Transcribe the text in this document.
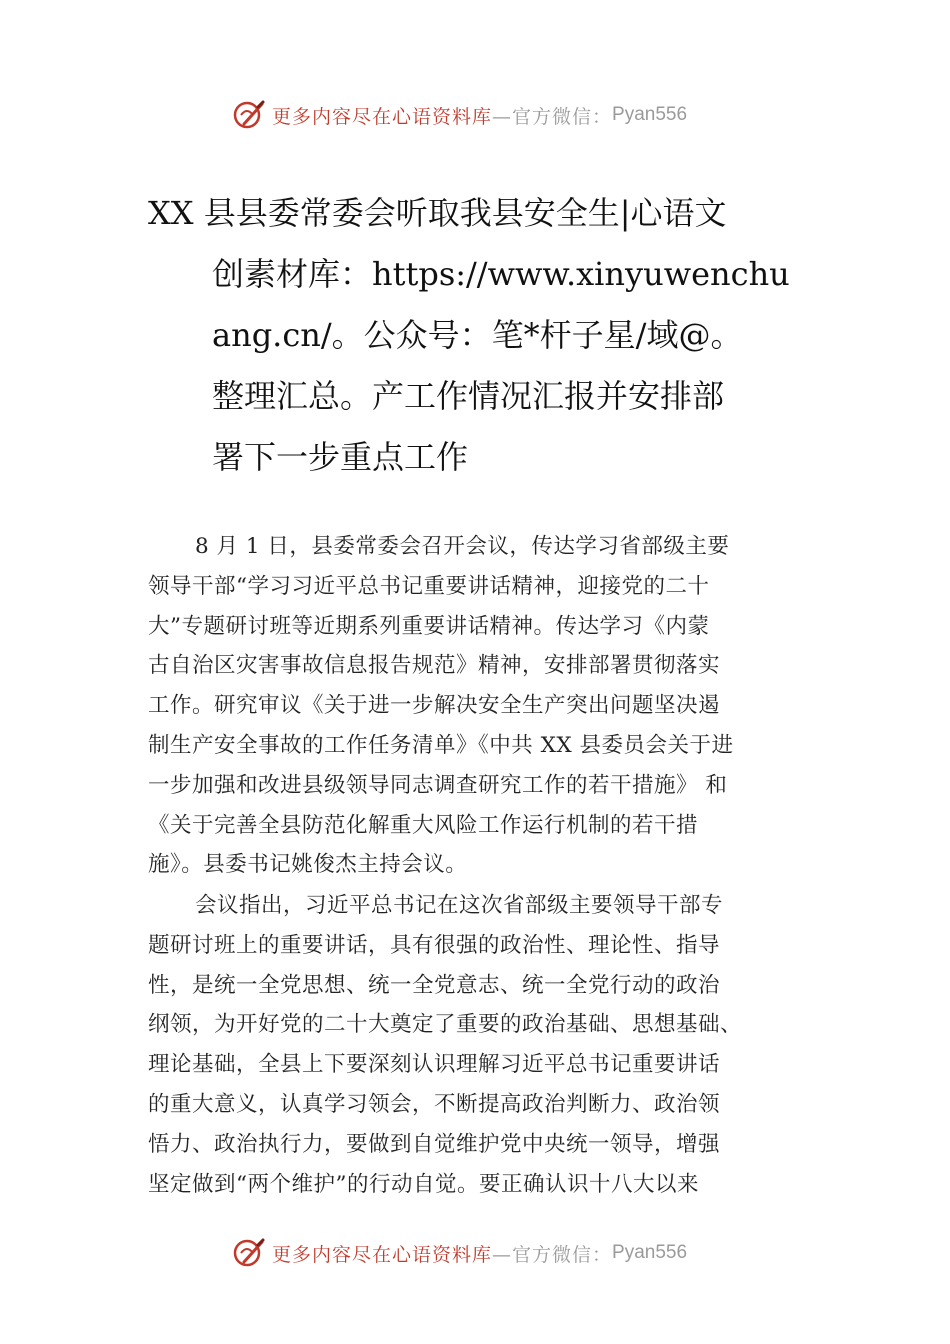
更多内容尽在心语资料库 —官方微信： Pyan556
XX 县县委常委会听取我县安全生|心语文
创素材库：https://www.xinyuwenchu
ang.cn/。公众号：笔*杆子星/域@。
整理汇总。产工作情况汇报并安排部
署下一步重点工作
8 月 1 日，县委常委会召开会议，传达学习省部级主要
领导干部“学习习近平总书记重要讲话精神，迎接党的二十
大”专题研讨班等近期系列重要讲话精神。传达学习《内蒙
古自治区灾害事故信息报告规范》精神，安排部署贯彻落实
工作。研究审议《关于进一步解决安全生产突出问题坚决遏
制生产安全事故的工作任务清单》《中共 XX 县委员会关于进
一步加强和改进县级领导同志调查研究工作的若干措施》 和
《关于完善全县防范化解重大风险工作运行机制的若干措
施》。县委书记姚俊杰主持会议。
会议指出，习近平总书记在这次省部级主要领导干部专
题研讨班上的重要讲话，具有很强的政治性、理论性、指导
性，是统一全党思想、统一全党意志、统一全党行动的政治
纲领，为开好党的二十大奠定了重要的政治基础、思想基础、
理论基础，全县上下要深刻认识理解习近平总书记重要讲话
的重大意义，认真学习领会，不断提高政治判断力、政治领
悟力、政治执行力，要做到自觉维护党中央统一领导，增强
坚定做到“两个维护”的行动自觉。要正确认识十八大以来
更多内容尽在心语资料库 —官方微信： Pyan556
